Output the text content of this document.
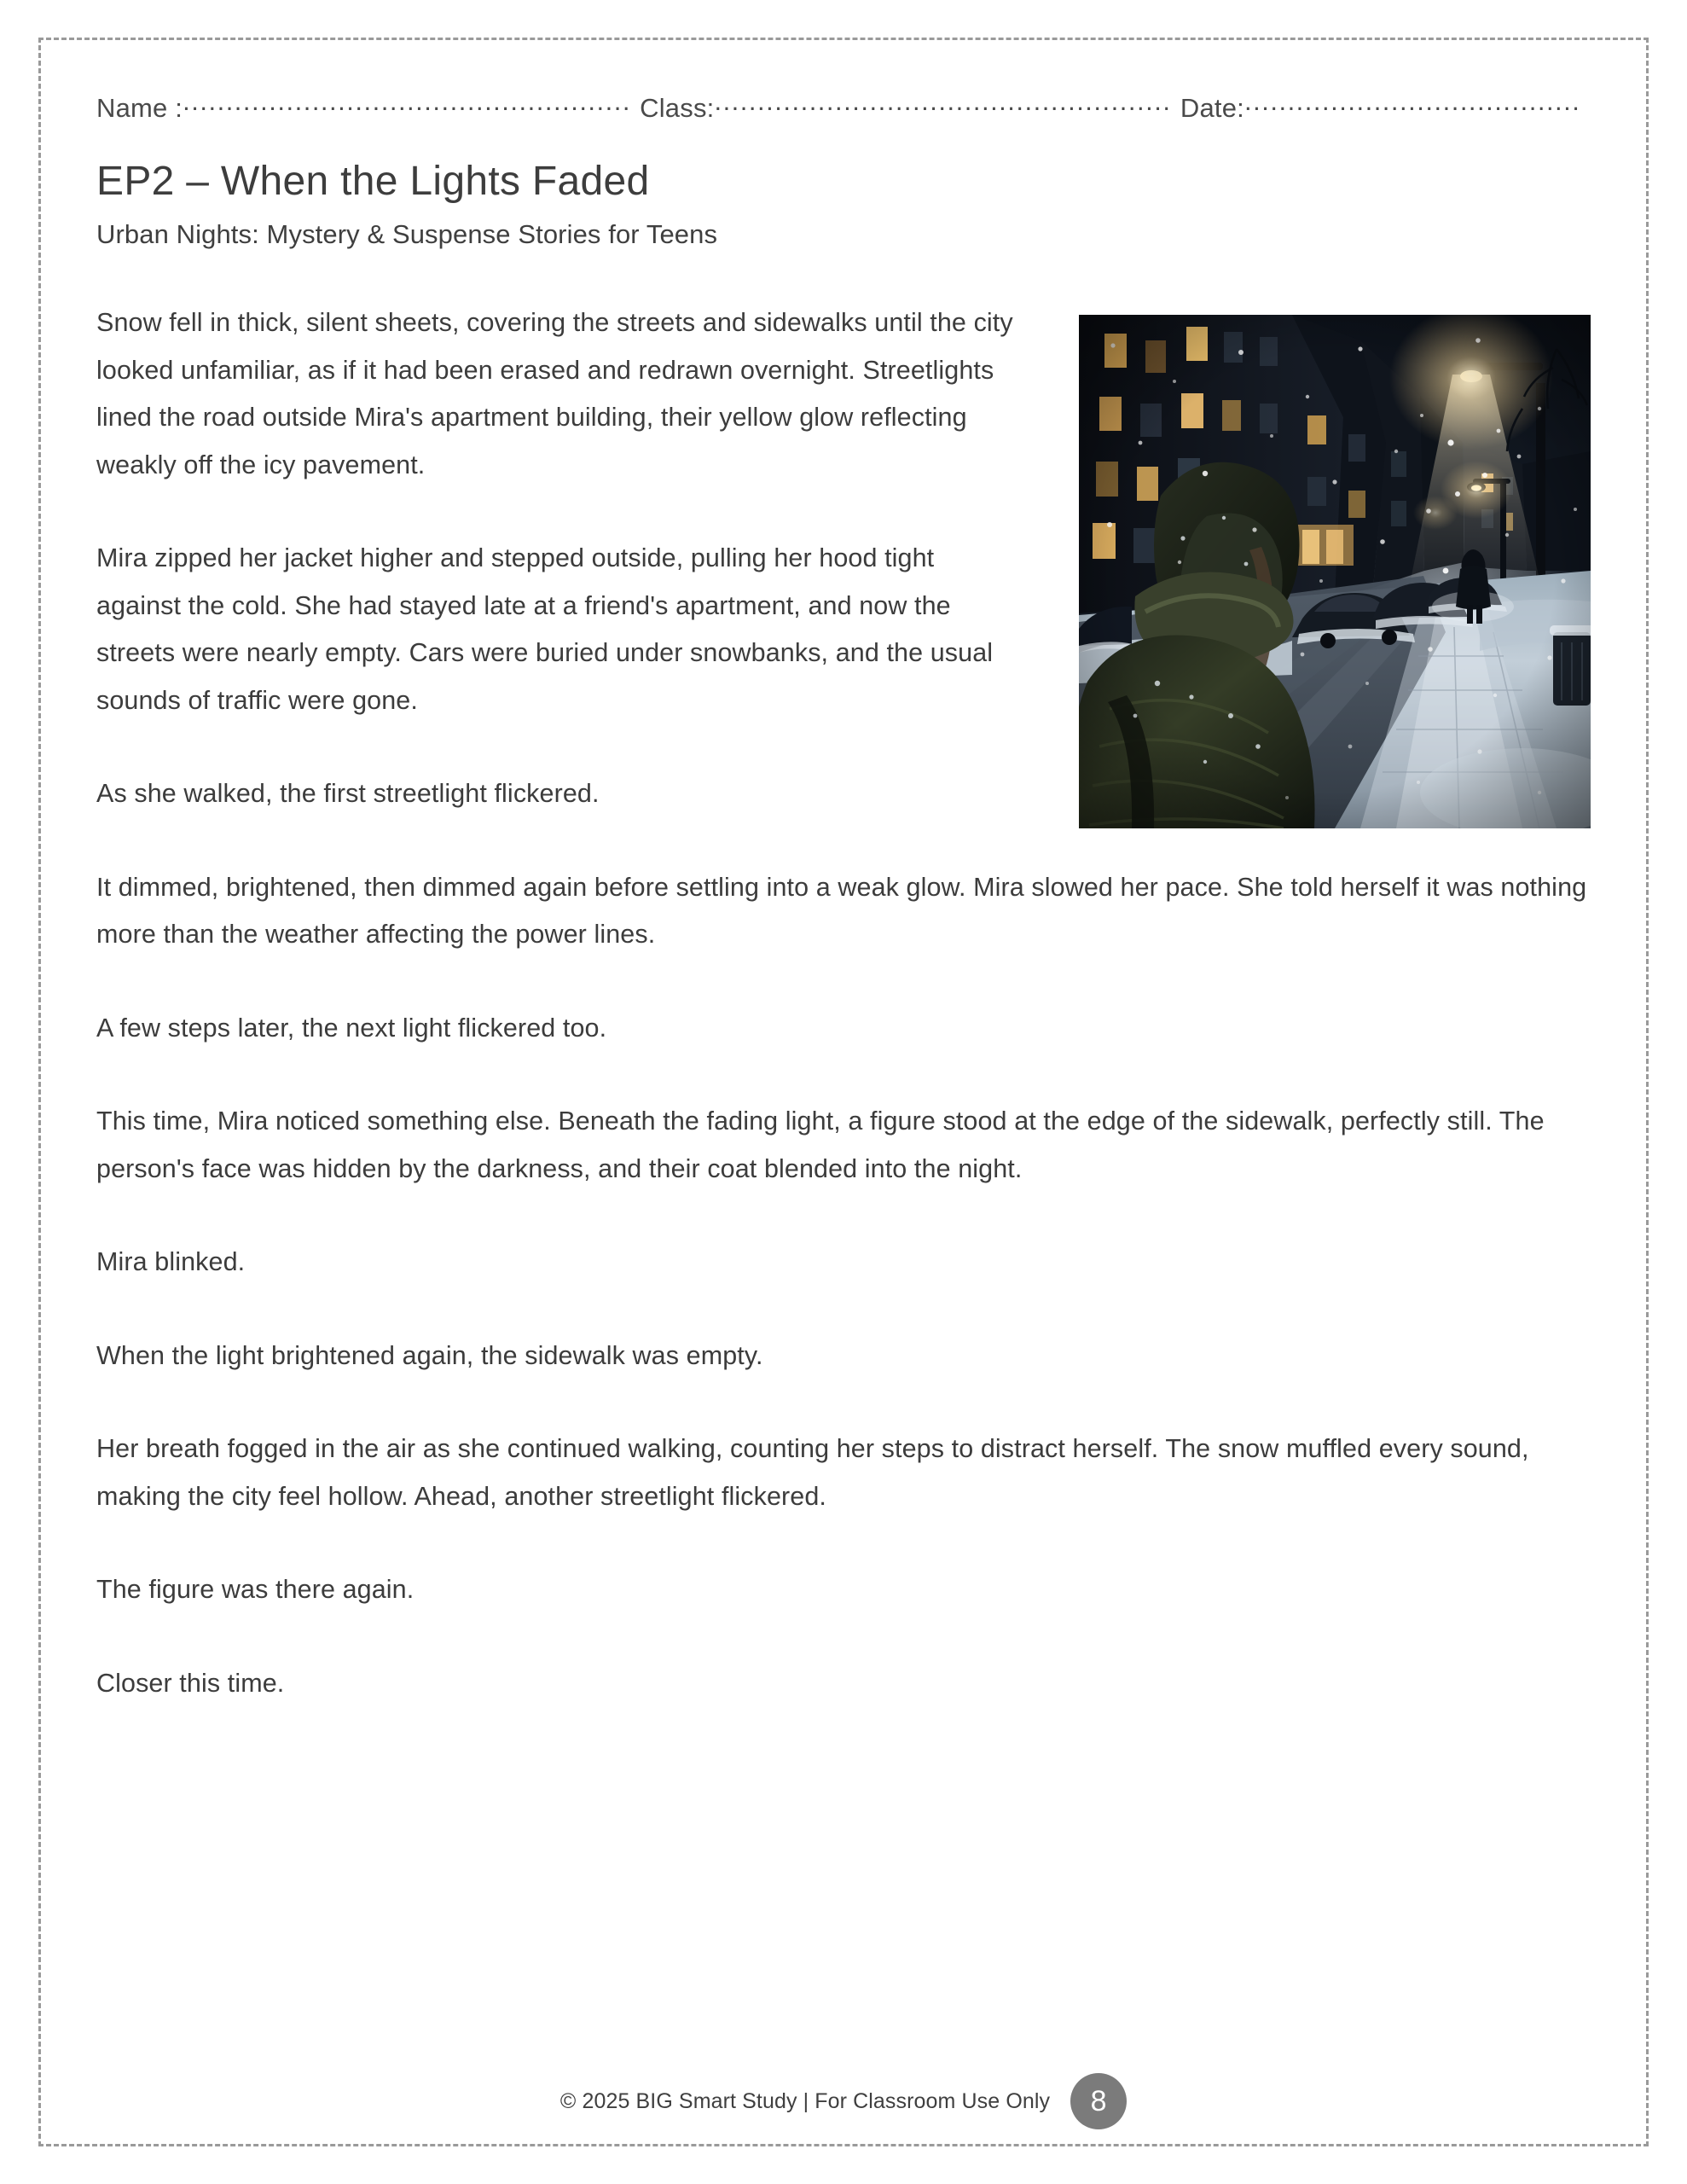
Name : .....	Class: .....	Date:
.....
EP2 – When the Lights Faded
Urban Nights: Mystery & Suspense Stories for Teens

Snow fell in thick, silent sheets, covering the streets and sidewalks until the city looked unfamiliar, as if it had been erased and redrawn overnight. Streetlights lined the road outside Mira's apartment building, their yellow glow reflecting weakly off the icy pavement.

Mira zipped her jacket higher and stepped outside, pulling her hood tight against the cold. She had stayed late at a friend's apartment, and now the streets were nearly empty. Cars were buried under snowbanks, and the usual sounds of traffic were gone.

As she walked, the first streetlight flickered.

It dimmed, brightened, then dimmed again before settling into a weak glow. Mira slowed her pace. She told herself it was nothing more than the weather affecting the power lines.

A few steps later, the next light flickered too.

This time, Mira noticed something else. Beneath the fading light, a figure stood at the edge of the sidewalk, perfectly still. The person's face was hidden by the darkness, and their coat blended into the night.

Mira blinked.

When the light brightened again, the sidewalk was empty.

Her breath fogged in the air as she continued walking, counting her steps to distract herself. The snow muffled every sound, making the city feel hollow. Ahead, another streetlight flickered.

The figure was there again.

Closer this time.

© 2025 BIG Smart Study | For Classroom Use Only	8
